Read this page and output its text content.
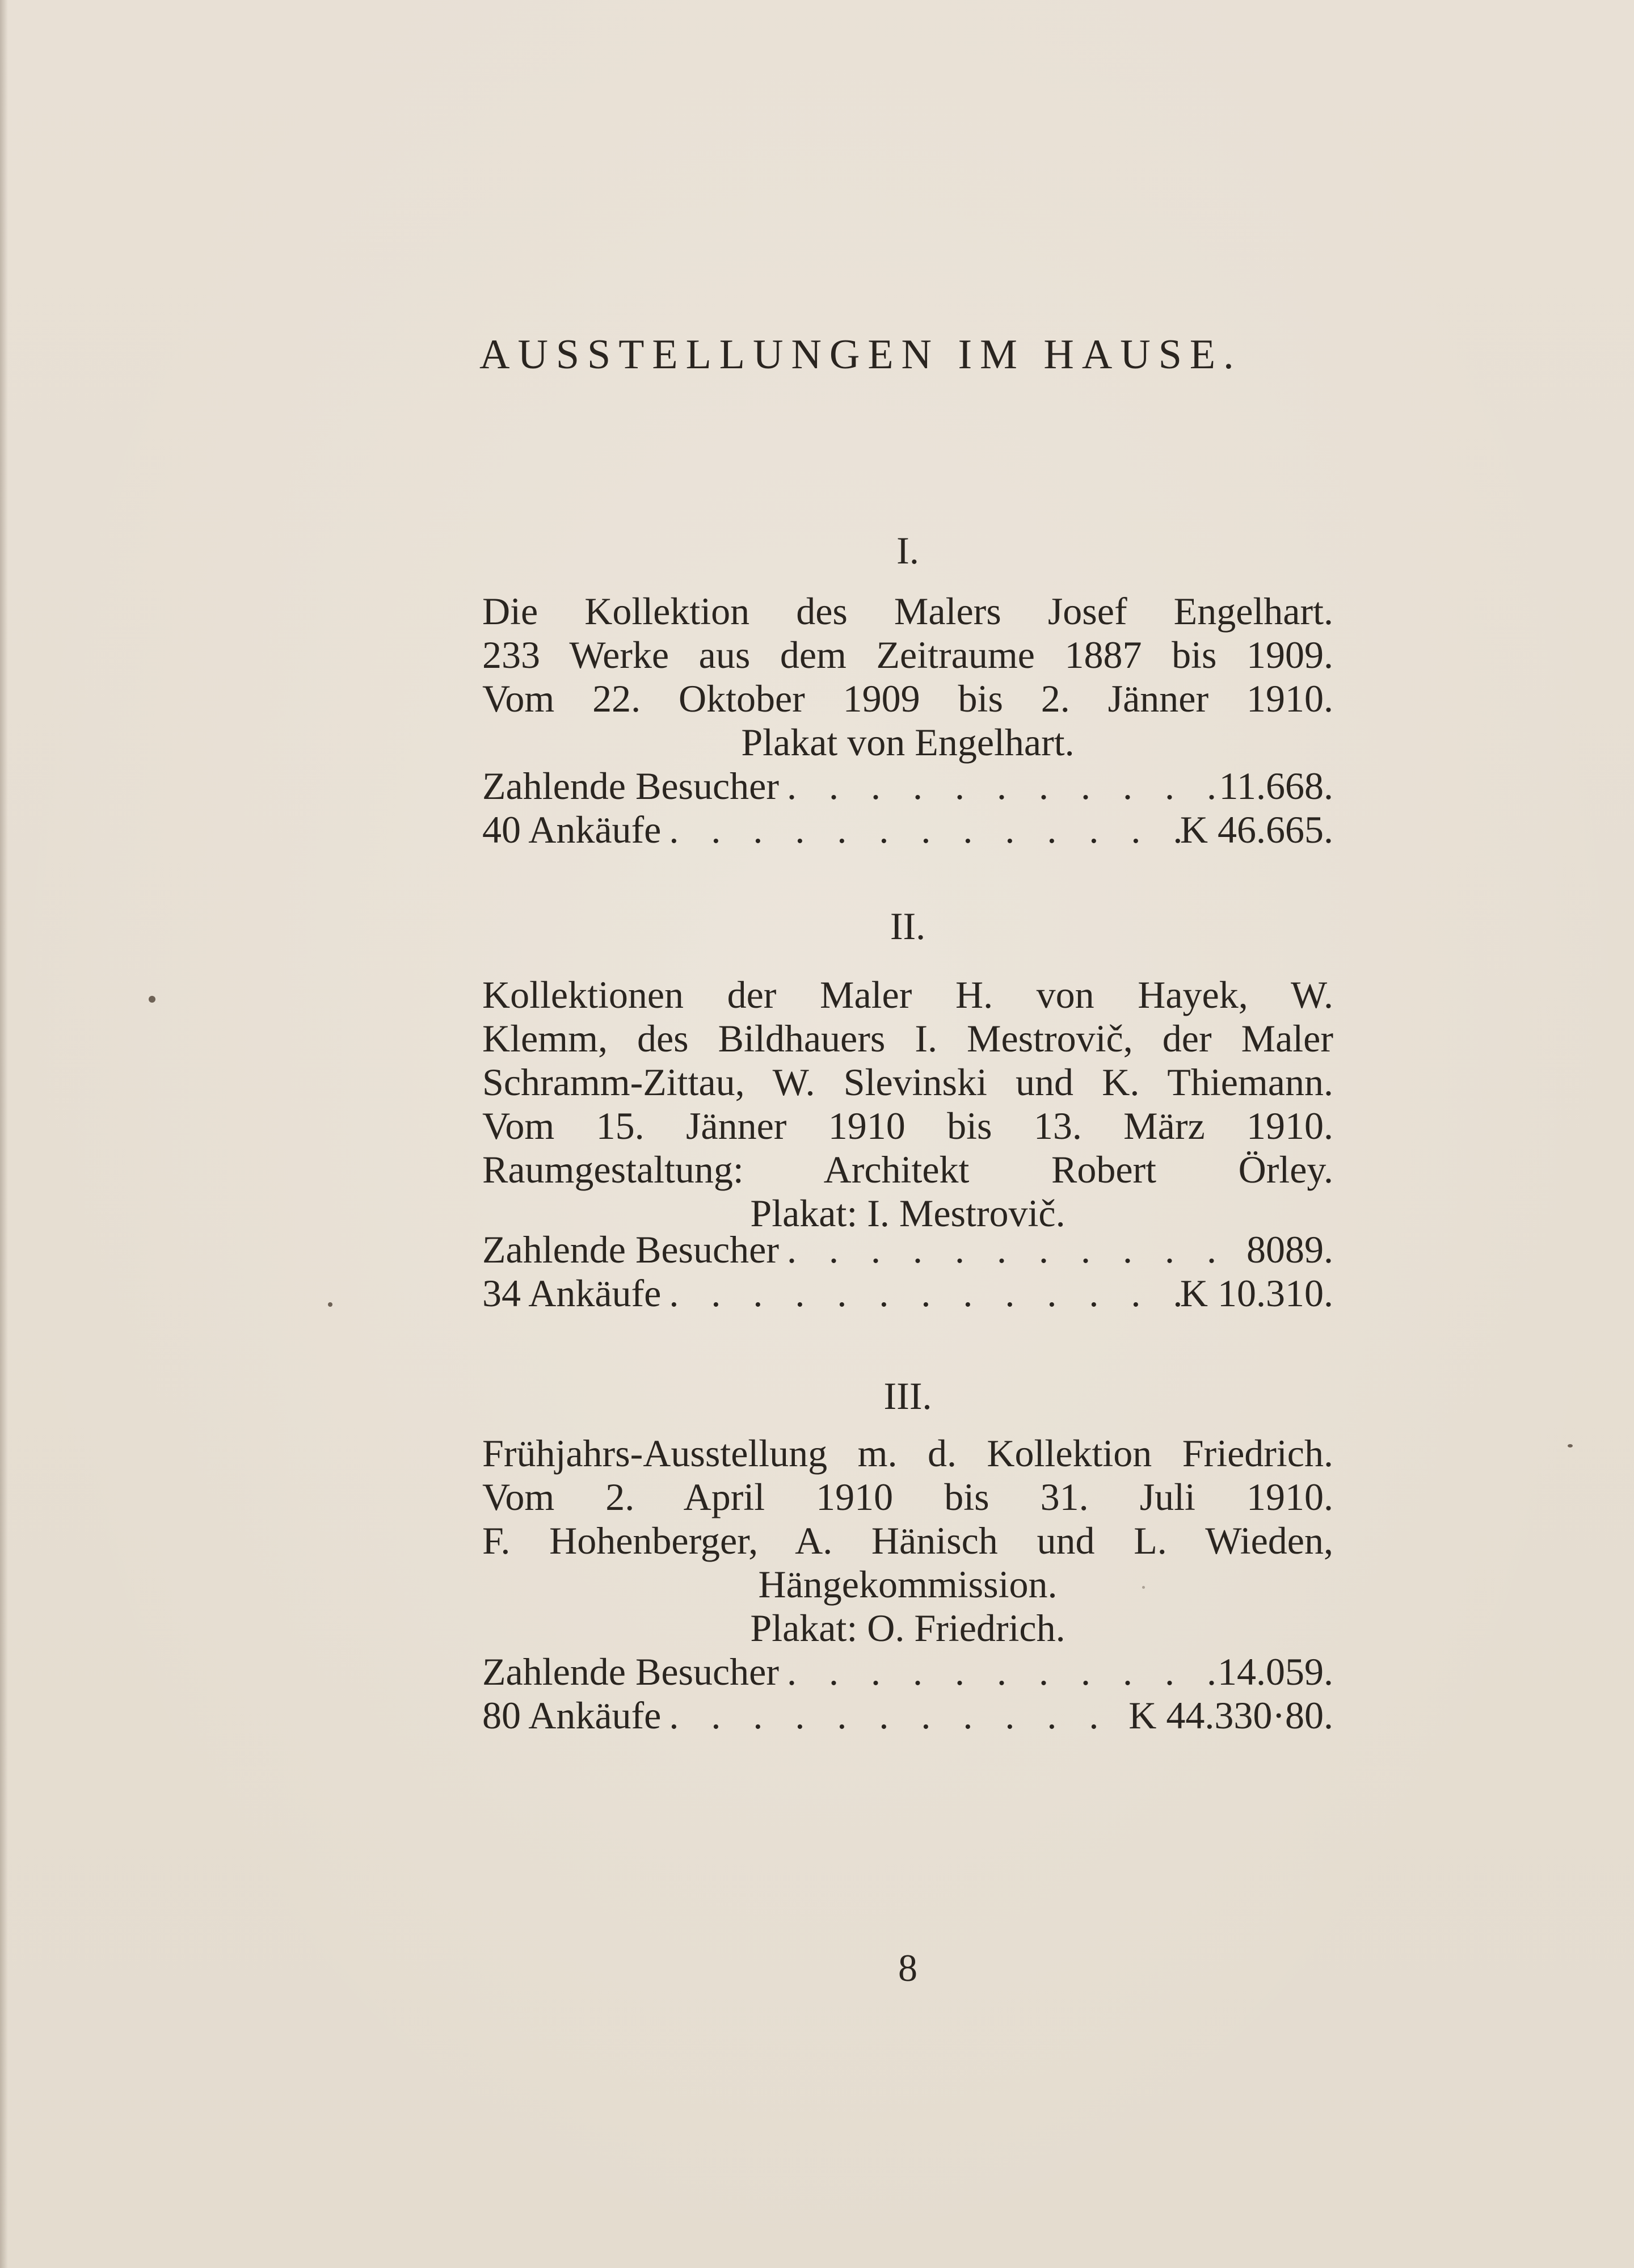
AUSSTELLUNGEN IM HAUSE.
I.
Die Kollektion des Malers Josef Engelhart.
233 Werke aus dem Zeitraume 1887 bis 1909.
Vom 22. Oktober 1909 bis 2. Jänner 1910.
Plakat von Engelhart.
Zahlende Besucher . . .	11.668.
40 Ankäufe . . .	K 46.665.
II.
Kollektionen der Maler H. von Hayek, W.
Klemm, des Bildhauers I. Mestrovič, der Maler
Schramm-Zittau, W. Slevinski und K. Thiemann.
Vom 15. Jänner 1910 bis 13. März 1910.
Raumgestaltung: Architekt Robert Örley.
Plakat: I. Mestrovič.
Zahlende Besucher . . .	8089.
34 Ankäufe . . .	K 10.310.
III.
Frühjahrs-Ausstellung m. d. Kollektion Friedrich.
Vom 2. April 1910 bis 31. Juli 1910.
F. Hohenberger, A. Hänisch und L. Wieden,
Hängekommission.
Plakat: O. Friedrich.
Zahlende Besucher . . .	14.059.
80 Ankäufe . . .	K 44.330·80.
8
